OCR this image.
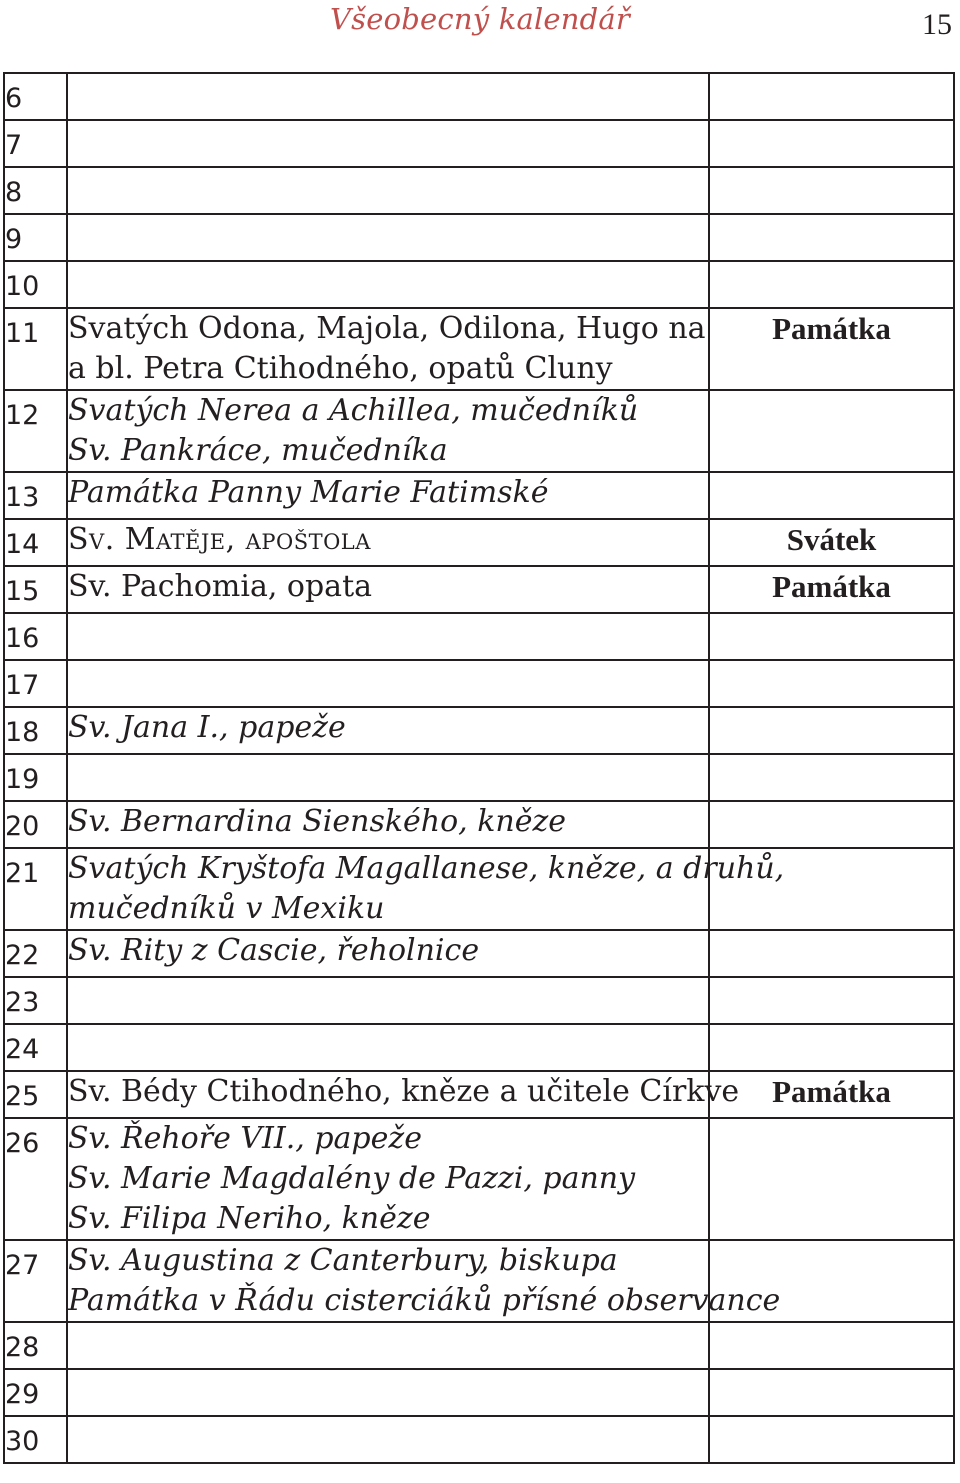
Všeobecný kalendář	15
6		

7		

8		

9		

10		

11	Svatých Odona, Majola, Odilona, Hugo na
a bl. Petra Ctihodného, opatů Cluny	Památka

12	Svatých Nerea a Achillea, mučedníků
Sv. Pankráce, mučedníka	

13	Památka Panny Marie Fatimské	

14	Sv. Matěje, apoštola	Svátek

15	Sv. Pachomia, opata	Památka

16		

17		

18	Sv. Jana I., papeže	

19		

20	Sv. Bernardina Sienského, kněze	

21	Svatých Kryštofa Magallanese, kněze, a druhů,
mučedníků v Mexiku	

22	Sv. Rity z Cascie, řeholnice	

23		

24		

25	Sv. Bédy Ctihodného, kněze a učitele Církve	Památka

26	Sv. Řehoře VII., papeže
Sv. Marie Magdalény de Pazzi, panny
Sv. Filipa Neriho, kněze	

27	Sv. Augustina z Canterbury, biskupa
Památka v Řádu cisterciáků přísné observance	

28		

29		

30		
